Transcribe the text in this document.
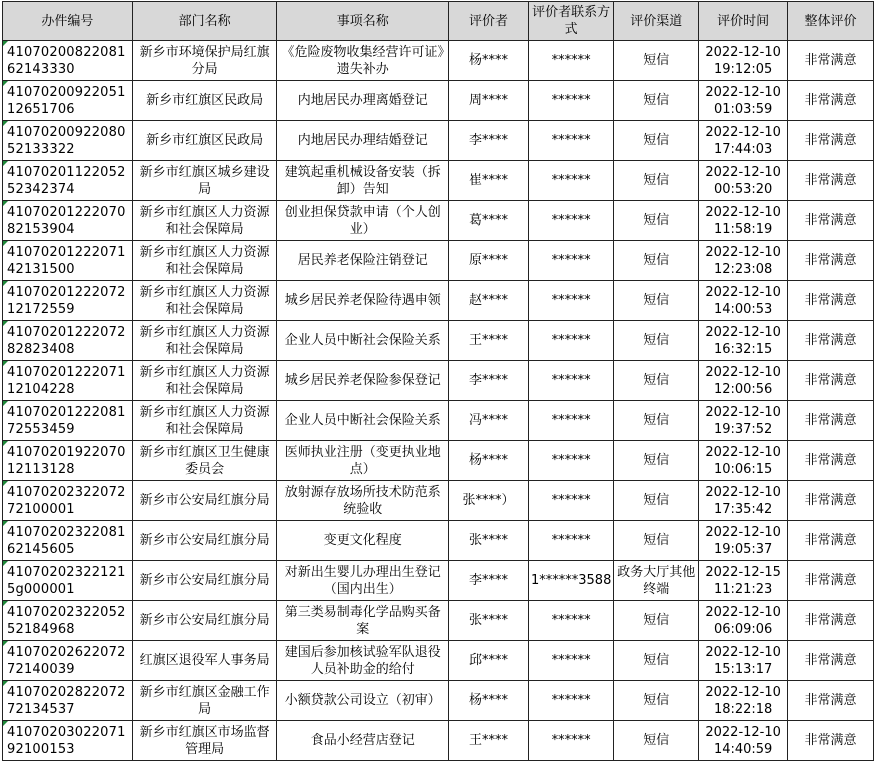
办件编号	部门名称	事项名称	评价者	评价者联系方式	评价渠道	评价时间	整体评价

4107020082208162143330	新乡市环境保护局红旗分局	《危险废物收集经营许可证》遗失补办	杨****	******	短信	2022-12-10 19:12:05	非常满意

4107020092205112651706	新乡市红旗区民政局	内地居民办理离婚登记	周****	******	短信	2022-12-10 01:03:59	非常满意

4107020092208052133322	新乡市红旗区民政局	内地居民办理结婚登记	李****	******	短信	2022-12-10 17:44:03	非常满意

4107020112205252342374	新乡市红旗区城乡建设局	建筑起重机械设备安装（拆卸）告知	崔****	******	短信	2022-12-10 00:53:20	非常满意

4107020122207082153904	新乡市红旗区人力资源和社会保障局	创业担保贷款申请（个人创业）	葛****	******	短信	2022-12-10 11:58:19	非常满意

4107020122207142131500	新乡市红旗区人力资源和社会保障局	居民养老保险注销登记	原****	******	短信	2022-12-10 12:23:08	非常满意

4107020122207212172559	新乡市红旗区人力资源和社会保障局	城乡居民养老保险待遇申领	赵****	******	短信	2022-12-10 14:00:53	非常满意

4107020122207282823408	新乡市红旗区人力资源和社会保障局	企业人员中断社会保险关系	王****	******	短信	2022-12-10 16:32:15	非常满意

4107020122207112104228	新乡市红旗区人力资源和社会保障局	城乡居民养老保险参保登记	李****	******	短信	2022-12-10 12:00:56	非常满意

4107020122208172553459	新乡市红旗区人力资源和社会保障局	企业人员中断社会保险关系	冯****	******	短信	2022-12-10 19:37:52	非常满意

4107020192207012113128	新乡市红旗区卫生健康委员会	医师执业注册（变更执业地点）	杨****	******	短信	2022-12-10 10:06:15	非常满意

4107020232207272100001	新乡市公安局红旗分局	放射源存放场所技术防范系统验收	张****）	******	短信	2022-12-10 17:35:42	非常满意

4107020232208162145605	新乡市公安局红旗分局	变更文化程度	张****	******	短信	2022-12-10 19:05:37	非常满意

410702023221215g000001	新乡市公安局红旗分局	对新出生婴儿办理出生登记（国内出生）	李****	1******3588	政务大厅其他终端	2022-12-15 11:21:23	非常满意

4107020232205252184968	新乡市公安局红旗分局	第三类易制毒化学品购买备案	张****	******	短信	2022-12-10 06:09:06	非常满意

4107020262207272140039	红旗区退役军人事务局	建国后参加核试验军队退役人员补助金的给付	邱****	******	短信	2022-12-10 15:13:17	非常满意

4107020282207272134537	新乡市红旗区金融工作局	小额贷款公司设立（初审）	杨****	******	短信	2022-12-10 18:22:18	非常满意

4107020302207192100153	新乡市红旗区市场监督管理局	食品小经营店登记	王****	******	短信	2022-12-10 14:40:59	非常满意
